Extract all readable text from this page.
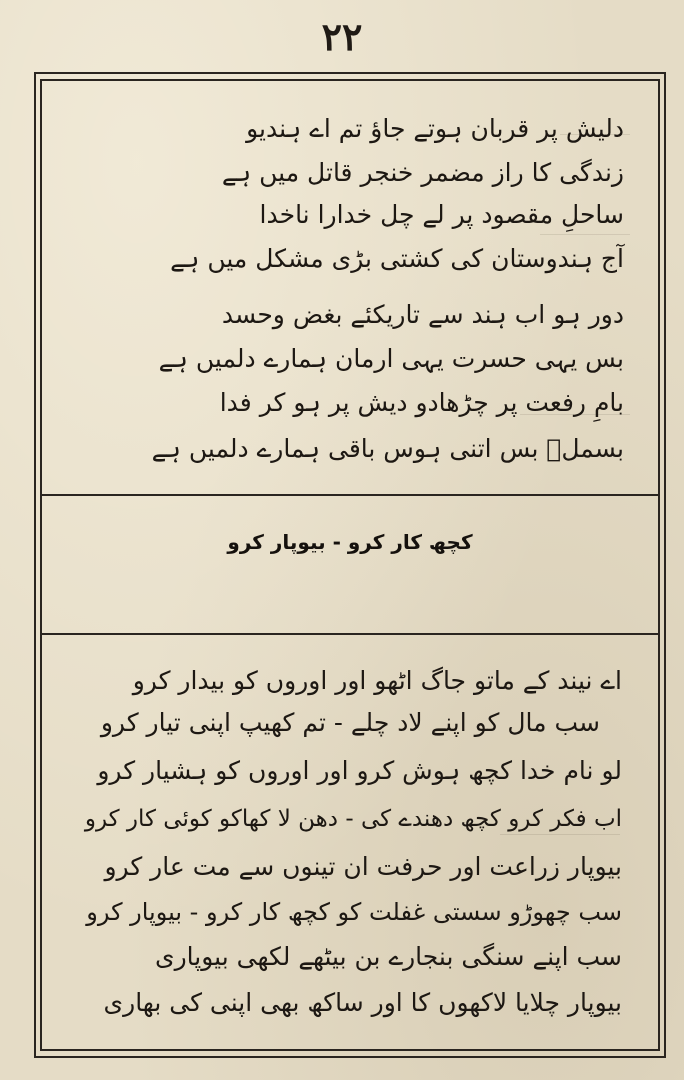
۲۲
دلیش پر قربان ہوتے جاؤ تم اے ہندیو
زندگی کا راز مضمر خنجر قاتل میں ہے
ساحلِ مقصود پر لے چل خدارا ناخدا
آج ہندوستان کی کشتی بڑی مشکل میں ہے
دور ہو اب ہند سے تاریکئے بغض وحسد
بس یہی حسرت یہی ارمان ہمارے دلمیں ہے
بامِ رفعت پر چڑھادو دیش پر ہو کر فدا
بسملؔ بس اتنی ہوس باقی ہمارے دلمیں ہے
کچھ کار کرو - بیوپار کرو
اے نیند کے ماتو جاگ اٹھو اور اوروں کو بیدار کرو
سب مال کو اپنے لاد چلے - تم کھیپ اپنی تیار کرو
لو نام خدا کچھ ہوش کرو اور اوروں کو ہشیار کرو
اب فکر کرو کچھ دھندے کی - دھن لا کھاکو کوئی کار کرو
بیوپار زراعت اور حرفت ان تینوں سے مت عار کرو
سب چھوڑو سستی غفلت کو کچھ کار کرو - بیوپار کرو
سب اپنے سنگی بنجارے بن بیٹھے لکھی بیوپاری
بیوپار چلایا لاکھوں کا اور ساکھ بھی اپنی کی بھاری
